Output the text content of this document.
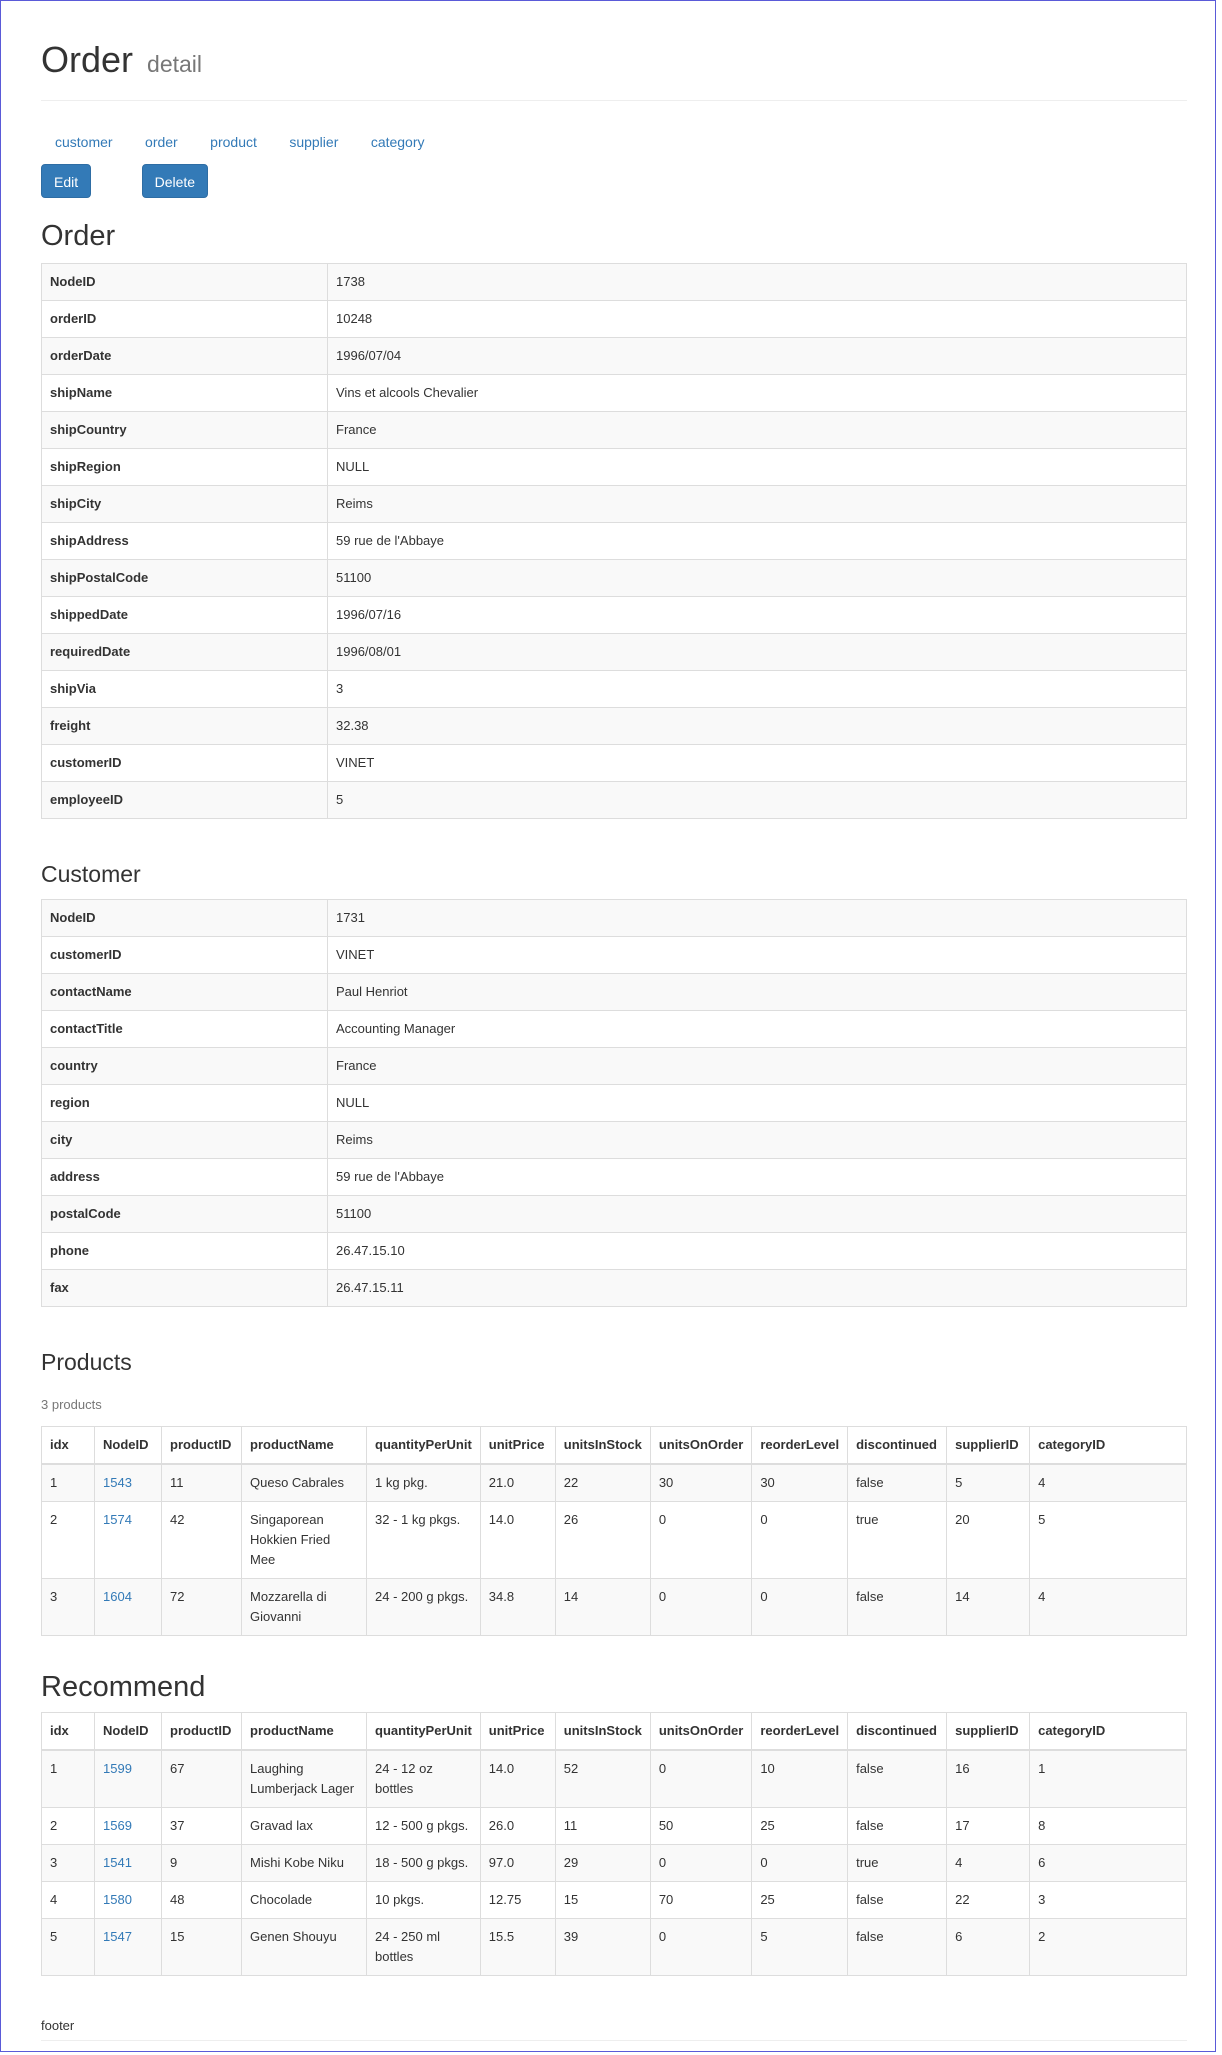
Order detail
customer order product supplier category
Edit	Delete
Order
NodeID	1738
orderID	10248
orderDate	1996/07/04
shipName	Vins et alcools Chevalier
shipCountry	France
shipRegion	NULL
shipCity	Reims
shipAddress	59 rue de l'Abbaye
shipPostalCode	51100
shippedDate	1996/07/16
requiredDate	1996/08/01
shipVia	3
freight	32.38
customerID	VINET
employeeID	5
Customer
NodeID	1731
customerID	VINET
contactName	Paul Henriot
contactTitle	Accounting Manager
country	France
region	NULL
city	Reims
address	59 rue de l'Abbaye
postalCode	51100
phone	26.47.15.10
fax	26.47.15.11
Products
3 products
idx	NodeID	productID	productName	quantityPerUnit	unitPrice	unitsInStock	unitsOnOrder	reorderLevel	discontinued	supplierID	categoryID
1	1543	11	Queso Cabrales	1 kg pkg.	21.0	22	30	30	false	5	4
2	1574	42	Singaporean Hokkien Fried Mee	32 - 1 kg pkgs.	14.0	26	0	0	true	20	5
3	1604	72	Mozzarella di Giovanni	24 - 200 g pkgs.	34.8	14	0	0	false	14	4
Recommend
idx	NodeID	productID	productName	quantityPerUnit	unitPrice	unitsInStock	unitsOnOrder	reorderLevel	discontinued	supplierID	categoryID
1	1599	67	Laughing Lumberjack Lager	24 - 12 oz bottles	14.0	52	0	10	false	16	1
2	1569	37	Gravad lax	12 - 500 g pkgs.	26.0	11	50	25	false	17	8
3	1541	9	Mishi Kobe Niku	18 - 500 g pkgs.	97.0	29	0	0	true	4	6
4	1580	48	Chocolade	10 pkgs.	12.75	15	70	25	false	22	3
5	1547	15	Genen Shouyu	24 - 250 ml bottles	15.5	39	0	5	false	6	2
footer
